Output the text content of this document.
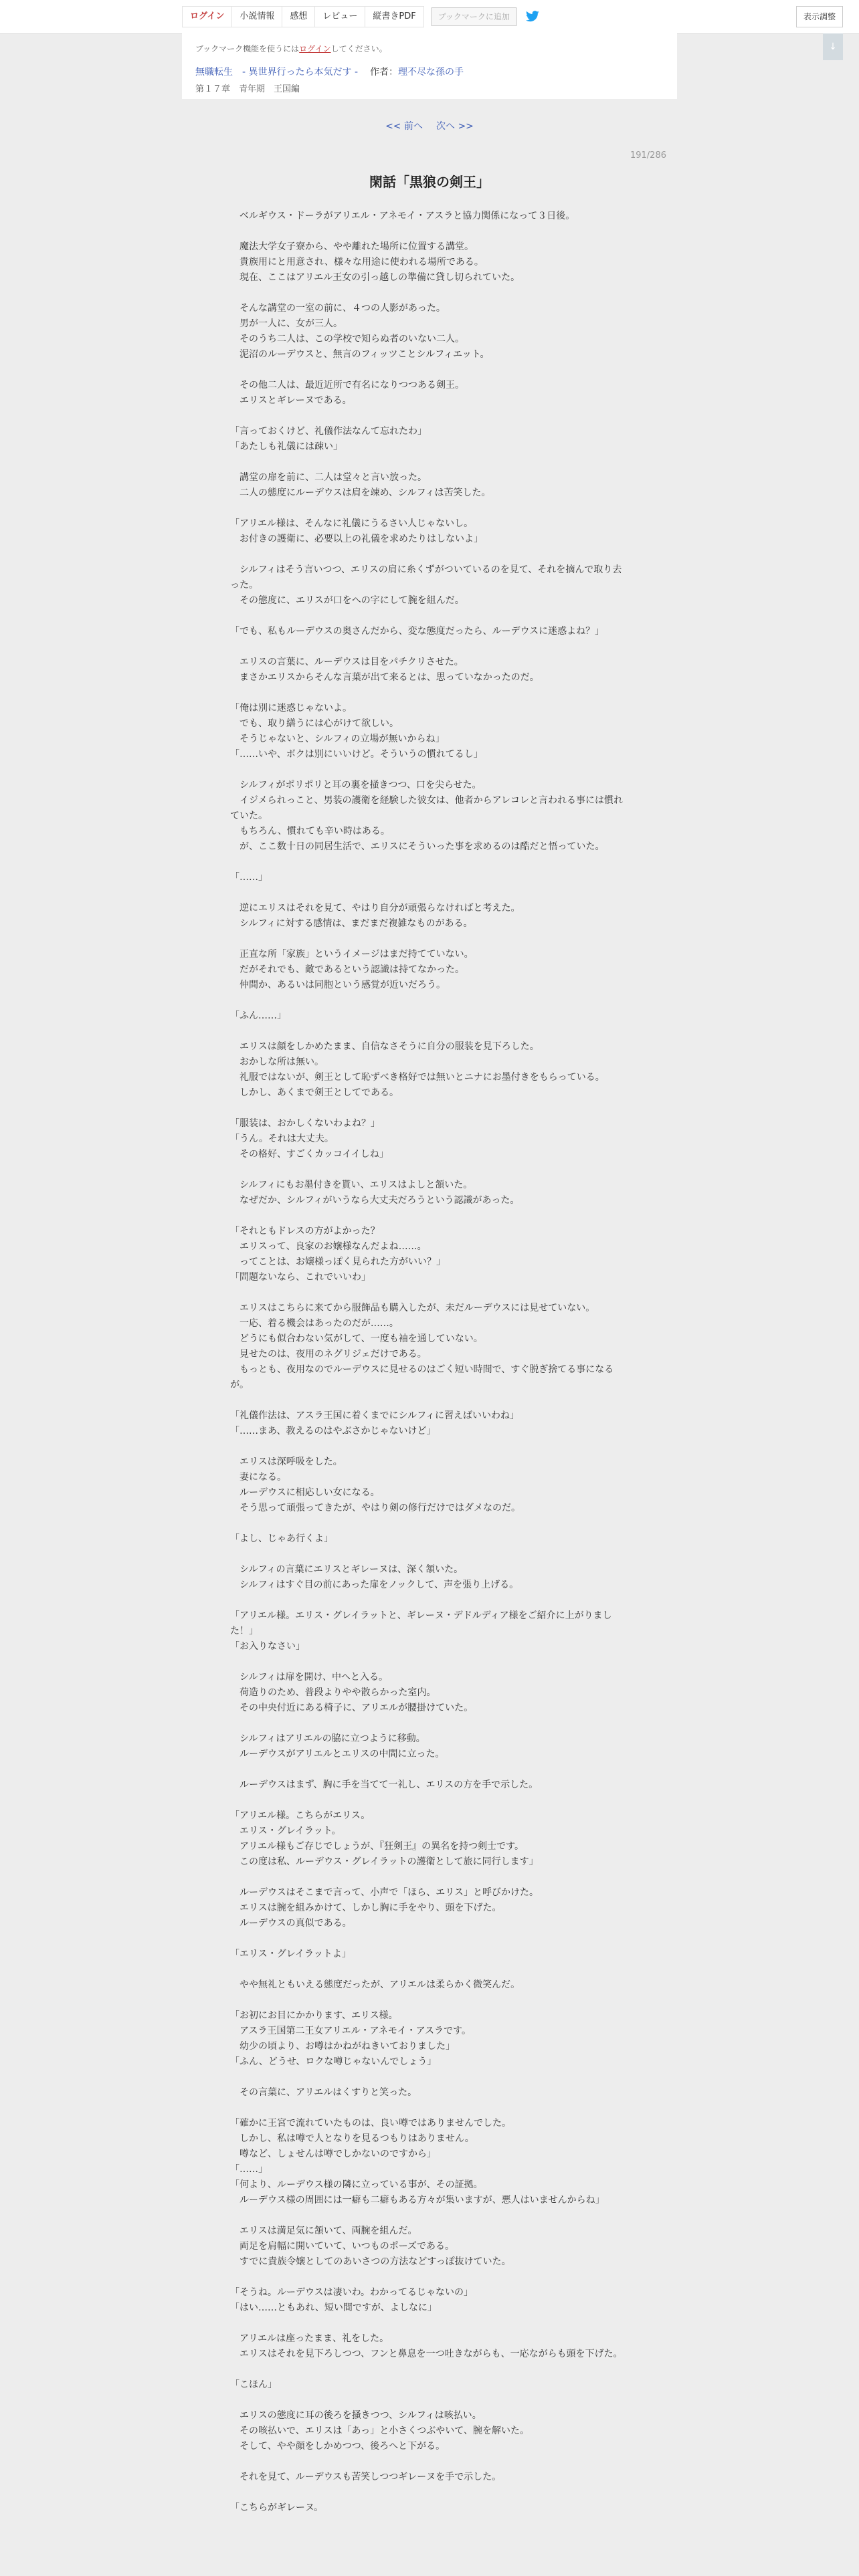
ログイン	小説情報	感想	レビュー	縦書きPDF	ブックマークに追加	表示調整
↓
ブックマーク機能を使うにはログインしてください。
無職転生　- 異世界行ったら本気だす - 作者：理不尽な孫の手
第１７章　青年期　王国編
<< 前へ 次へ >>
191/286
閑話「黒狼の剣王」

　ベルギウス・ドーラがアリエル・アネモイ・アスラと協力関係になって３日後。

　魔法大学女子寮から、やや離れた場所に位置する講堂。

　貴族用にと用意され、様々な用途に使われる場所である。

　現在、ここはアリエル王女の引っ越しの準備に貸し切られていた。

　そんな講堂の一室の前に、４つの人影があった。

　男が一人に、女が三人。

　そのうち二人は、この学校で知らぬ者のいない二人。

　泥沼のルーデウスと、無言のフィッツことシルフィエット。

　その他二人は、最近近所で有名になりつつある剣王。

　エリスとギレーヌである。

「言っておくけど、礼儀作法なんて忘れたわ」

「あたしも礼儀には疎い」

　講堂の扉を前に、二人は堂々と言い放った。

　二人の態度にルーデウスは肩を竦め、シルフィは苦笑した。

「アリエル様は、そんなに礼儀にうるさい人じゃないし。

　お付きの護衛に、必要以上の礼儀を求めたりはしないよ」

　シルフィはそう言いつつ、エリスの肩に糸くずがついているのを見て、それを摘んで取り去った。

　その態度に、エリスが口をへの字にして腕を組んだ。

「でも、私もルーデウスの奥さんだから、変な態度だったら、ルーデウスに迷惑よね？」

　エリスの言葉に、ルーデウスは目をパチクリさせた。

　まさかエリスからそんな言葉が出て来るとは、思っていなかったのだ。

「俺は別に迷惑じゃないよ。

　でも、取り繕うには心がけて欲しい。

　そうじゃないと、シルフィの立場が無いからね」

「……いや、ボクは別にいいけど。そういうの慣れてるし」

　シルフィがポリポリと耳の裏を掻きつつ、口を尖らせた。

　イジメられっこと、男装の護衛を経験した彼女は、他者からアレコレと言われる事には慣れていた。

　もちろん、慣れても辛い時はある。

　が、ここ数十日の同居生活で、エリスにそういった事を求めるのは酷だと悟っていた。

「……」

　逆にエリスはそれを見て、やはり自分が頑張らなければと考えた。

　シルフィに対する感情は、まだまだ複雑なものがある。

　正直な所「家族」というイメージはまだ持てていない。

　だがそれでも、敵であるという認識は持てなかった。

　仲間か、あるいは同胞という感覚が近いだろう。

「ふん……」

　エリスは顔をしかめたまま、自信なさそうに自分の服装を見下ろした。

　おかしな所は無い。

　礼服ではないが、剣王として恥ずべき格好では無いとニナにお墨付きをもらっている。

　しかし、あくまで剣王としてである。

「服装は、おかしくないわよね？」

「うん。それは大丈夫。

　その格好、すごくカッコイイしね」

　シルフィにもお墨付きを貰い、エリスはよしと頷いた。

　なぜだか、シルフィがいうなら大丈夫だろうという認識があった。

「それともドレスの方がよかった？

　エリスって、良家のお嬢様なんだよね……。

　ってことは、お嬢様っぽく見られた方がいい？」

「問題ないなら、これでいいわ」

　エリスはこちらに来てから服飾品も購入したが、未だルーデウスには見せていない。

　一応、着る機会はあったのだが……。

　どうにも似合わない気がして、一度も袖を通していない。

　見せたのは、夜用のネグリジェだけである。

　もっとも、夜用なのでルーデウスに見せるのはごく短い時間で、すぐ脱ぎ捨てる事になるが。

「礼儀作法は、アスラ王国に着くまでにシルフィに習えばいいわね」

「……まあ、教えるのはやぶさかじゃないけど」

　エリスは深呼吸をした。

　妻になる。

　ルーデウスに相応しい女になる。

　そう思って頑張ってきたが、やはり剣の修行だけではダメなのだ。

「よし、じゃあ行くよ」

　シルフィの言葉にエリスとギレーヌは、深く頷いた。

　シルフィはすぐ目の前にあった扉をノックして、声を張り上げる。

「アリエル様。エリス・グレイラットと、ギレーヌ・デドルディア様をご紹介に上がりました！」

「お入りなさい」

　シルフィは扉を開け、中へと入る。

　荷造りのため、普段よりやや散らかった室内。

　その中央付近にある椅子に、アリエルが腰掛けていた。

　シルフィはアリエルの脇に立つように移動。

　ルーデウスがアリエルとエリスの中間に立った。

　ルーデウスはまず、胸に手を当てて一礼し、エリスの方を手で示した。

「アリエル様。こちらがエリス。

　エリス・グレイラット。

　アリエル様もご存じでしょうが、『狂剣王』の異名を持つ剣士です。

　この度は私、ルーデウス・グレイラットの護衛として旅に同行します」

　ルーデウスはそこまで言って、小声で「ほら、エリス」と呼びかけた。

　エリスは腕を組みかけて、しかし胸に手をやり、頭を下げた。

　ルーデウスの真似である。

「エリス・グレイラットよ」

　やや無礼ともいえる態度だったが、アリエルは柔らかく微笑んだ。

「お初にお目にかかります、エリス様。

　アスラ王国第二王女アリエル・アネモイ・アスラです。

　幼少の頃より、お噂はかねがねきいておりました」

「ふん、どうせ、ロクな噂じゃないんでしょう」

　その言葉に、アリエルはくすりと笑った。

「確かに王宮で流れていたものは、良い噂ではありませんでした。

　しかし、私は噂で人となりを見るつもりはありません。

　噂など、しょせんは噂でしかないのですから」

「……」

「何より、ルーデウス様の隣に立っている事が、その証拠。

　ルーデウス様の周囲には一癖も二癖もある方々が集いますが、悪人はいませんからね」

　エリスは満足気に頷いて、両腕を組んだ。

　両足を肩幅に開いていて、いつものポーズである。

　すでに貴族令嬢としてのあいさつの方法などすっぽ抜けていた。

「そうね。ルーデウスは凄いわ。わかってるじゃないの」

「はい……ともあれ、短い間ですが、よしなに」

　アリエルは座ったまま、礼をした。

　エリスはそれを見下ろしつつ、フンと鼻息を一つ吐きながらも、一応ながらも頭を下げた。

「こほん」

　エリスの態度に耳の後ろを掻きつつ、シルフィは咳払い。

　その咳払いで、エリスは「あっ」と小さくつぶやいて、腕を解いた。

　そして、やや顔をしかめつつ、後ろへと下がる。

　それを見て、ルーデウスも苦笑しつつギレーヌを手で示した。

「こちらがギレーヌ。
